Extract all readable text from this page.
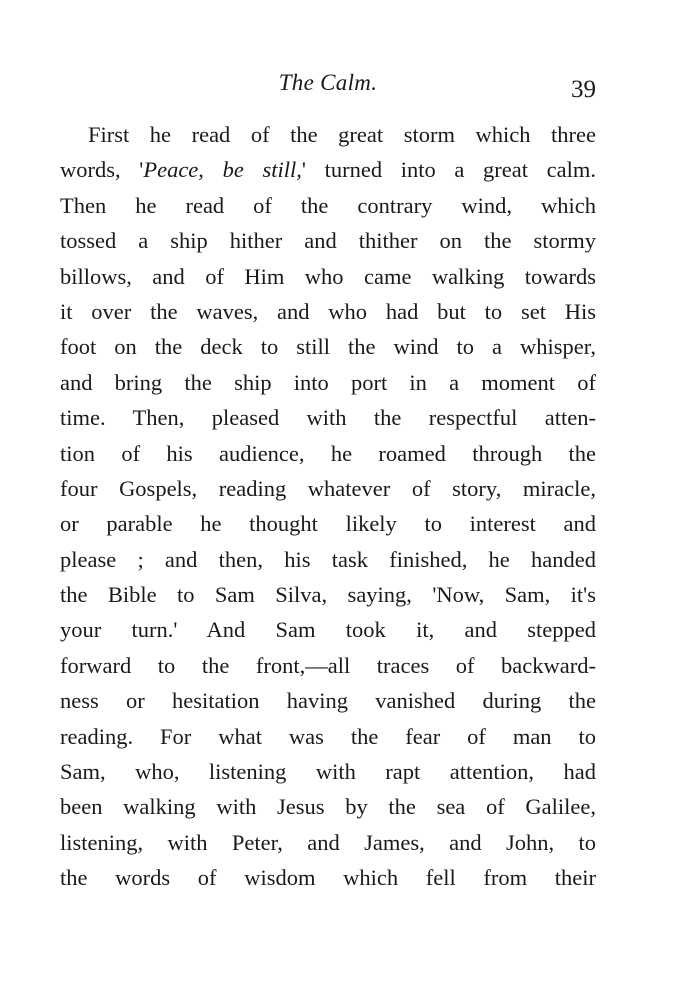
The Calm.	39
First he read of the great storm which three
words, 'Peace, be still,' turned into a great calm.
Then he read of the contrary wind, which
tossed a ship hither and thither on the stormy
billows, and of Him who came walking towards
it over the waves, and who had but to set His
foot on the deck to still the wind to a whisper,
and bring the ship into port in a moment of
time. Then, pleased with the respectful atten-
tion of his audience, he roamed through the
four Gospels, reading whatever of story, miracle,
or parable he thought likely to interest and
please ; and then, his task finished, he handed
the Bible to Sam Silva, saying, 'Now, Sam, it's
your turn.' And Sam took it, and stepped
forward to the front,—all traces of backward-
ness or hesitation having vanished during the
reading. For what was the fear of man to
Sam, who, listening with rapt attention, had
been walking with Jesus by the sea of Galilee,
listening, with Peter, and James, and John, to
the words of wisdom which fell from their
